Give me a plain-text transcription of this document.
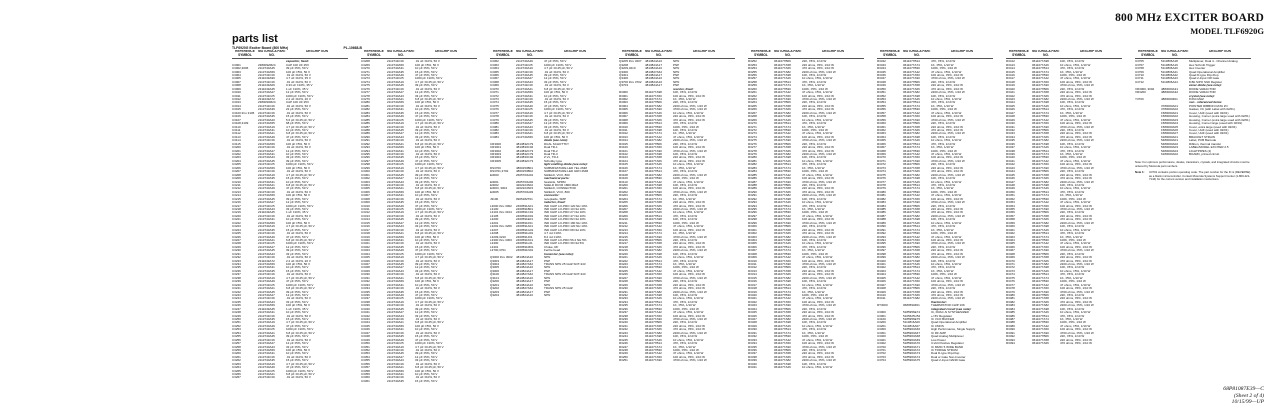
800 MHz EXCITER BOARD
MODEL TLF6920G
parts list
TLF6920G Exciter Board (800 MHz)	PL-10668-B
REFERENCE SYMBOL
MOTOROLA PART NO.
DESCRIPTION
capacitor, fixed:
C3001	2380092M24	CAP 100 UF 25V
C3002,3006	2113740A45	39 pF ±5%, 50 V
C3003	2113740A59	100 pF ±5%, 50 V
C3004	2113741F49	.01 uF ±10%, 50 V
C3005	2311049A99	4.7 uF ±10%, 35 V
C3007	2113741F49	.01 uF ±10%, 50 V
C3008	2311049A09	0.33 uF ±10%, 35 V
C3009	2311049A45	1 uF ±10%, 35 V
C3010	2113740A27	12 pF ±5%, 50 V
C3011	2113741F25	1000 pF ±10%, 50 V
C3012	2311049A72	2.2 uF ±10%, 20 V
C3013	2380090M24	CAP 100 UF 25V
C3014	2113741F49	.01 uF ±10%, 50 V
C3015	2113740A39	22 pF ±5%, 50 V
C3100 thru 3105	2113741F49	.01 uF ±10%, 50 V
C3106	2113740A35	15 pF ±5%, 50 V
C3107	2113740A20	5.6 pF ±0.25 pF, 50 V
C3108,3109	2113740A55	68 pF ±5%, 50 V
C3110	2113740A19	4.7 pF ±0.25 pF, 50 V
C3111	2113740A31	10 pF ±5%, 50 V
C3112	2113740A21	6.8 pF ±0.25 pF, 50 V
C3113	2113740A49	47 pF ±5%, 50 V
C3114	2113741F49	.01 uF ±10%, 50 V
C3115	2113740A59	100 pF ±5%, 50 V
C3200	2113741F49	.01 uF ±10%, 50 V
C3201	2113740A27	12 pF ±5%, 50 V
C3202	2113740A31	10 pF ±5%, 50 V
C3203	2113740A43	33 pF ±5%, 50 V
C3204	2113740A45	39 pF ±5%, 50 V
C3205	2113741F25	1000 pF ±10%, 50 V
C3206	2113740A59	100 pF ±5%, 50 V
C3207	2113741F49	.01 uF ±10%, 50 V
C3208	2113740A19	4.7 pF ±0.25 pF, 50 V
C3209	2113740A35	15 pF ±5%, 50 V
C3210	2113740A31	10 pF ±5%, 50 V
C3211	2113740A21	6.8 pF ±0.25 pF, 50 V
C3212	2113740A49	47 pF ±5%, 50 V
C3213	2113741F49	.01 uF ±10%, 50 V
C3214	2113740A59	100 pF ±5%, 50 V
C3215	2113740A45	39 pF ±5%, 50 V
C3216	2113740A27	12 pF ±5%, 50 V
C3217	2113741F25	1000 pF ±10%, 50 V
C3218	2113740A43	33 pF ±5%, 50 V
C3219	2311049A45	1 uF ±10%, 35 V
C3220	2113741F49	.01 uF ±10%, 50 V
C3221	2113740A31	10 pF ±5%, 50 V
C3222	2113740A59	100 pF ±5%, 50 V
C3223	2113740A19	4.7 pF ±0.25 pF, 50 V
C3224	2113740A35	15 pF ±5%, 50 V
C3225	2113741F49	.01 uF ±10%, 50 V
C3226	2113740A49	47 pF ±5%, 50 V
C3227	2113740A21	6.8 pF ±0.25 pF, 50 V
C3228	2113741F25	1000 pF ±10%, 50 V
C3229	2113740A27	12 pF ±5%, 50 V
C3230	2113740A45	39 pF ±5%, 50 V
C3231	2113740A43	33 pF ±5%, 50 V
C3232	2113741F49	.01 uF ±10%, 50 V
C3233	2311049A72	2.2 uF ±10%, 20 V
C3234	2113740A59	100 pF ±5%, 50 V
C3235	2113740A31	10 pF ±5%, 50 V
C3236	2113740A35	15 pF ±5%, 50 V
C3237	2113741F49	.01 uF ±10%, 50 V
C3238	2113740A19	4.7 pF ±0.25 pF, 50 V
C3239	2113740A49	47 pF ±5%, 50 V
C3240	2113741F25	1000 pF ±10%, 50 V
C3241	2113740A21	6.8 pF ±0.25 pF, 50 V
C3242	2113740A45	39 pF ±5%, 50 V
C3243	2113740A27	12 pF ±5%, 50 V
C3244	2113741F49	.01 uF ±10%, 50 V
C3245	2113740A43	33 pF ±5%, 50 V
C3246	2113740A59	100 pF ±5%, 50 V
C3247	2311049A45	1 uF ±10%, 35 V
C3248	2113740A31	10 pF ±5%, 50 V
C3249	2113741F49	.01 uF ±10%, 50 V
C3250	2113740A35	15 pF ±5%, 50 V
C3251	2113740A19	4.7 pF ±0.25 pF, 50 V
C3252	2113740A49	47 pF ±5%, 50 V
C3253	2113741F25	1000 pF ±10%, 50 V
C3254	2113740A21	6.8 pF ±0.25 pF, 50 V
C3255	2113740A45	39 pF ±5%, 50 V
C3256	2113741F49	.01 uF ±10%, 50 V
C3257	2113740A27	12 pF ±5%, 50 V
C3258	2113740A43	33 pF ±5%, 50 V
C3259	2113740A59	100 pF ±5%, 50 V
C3260	2113740A31	10 pF ±5%, 50 V
C3261	2113741F49	.01 uF ±10%, 50 V
C3262	2113740A35	15 pF ±5%, 50 V
C3263	2113740A19	4.7 pF ±0.25 pF, 50 V
C3264	2113740A49	47 pF ±5%, 50 V
C3265	2113741F25	1000 pF ±10%, 50 V
C3266	2113740A21	6.8 pF ±0.25 pF, 50 V
C3267	2113741F49	.01 uF ±10%, 50 V
REFERENCE SYMBOL
MOTOROLA PART NO.
DESCRIPTION
C3268	2113741F49	.01 uF ±10%, 50 V
C3269	2113740A59	100 pF ±5%, 50 V
C3270	2113740A31	10 pF ±5%, 50 V
C3271	2113740A35	15 pF ±5%, 50 V
C3272	2113740A49	47 pF ±5%, 50 V
C3273	2113741F25	1000 pF ±10%, 50 V
C3274	2113740A19	4.7 pF ±0.25 pF, 50 V
C3275	2113740A45	39 pF ±5%, 50 V
C3276	2113741F49	.01 uF ±10%, 50 V
C3277	2113740A27	12 pF ±5%, 50 V
C3278	2113740A43	33 pF ±5%, 50 V
C3279	2113740A21	6.8 pF ±0.25 pF, 50 V
C3280	2113740A59	100 pF ±5%, 50 V
C3281	2113741F49	.01 uF ±10%, 50 V
C3282	2113740A31	10 pF ±5%, 50 V
C3283	2113740A35	15 pF ±5%, 50 V
C3284	2113740A49	47 pF ±5%, 50 V
C3285	2113741F25	1000 pF ±10%, 50 V
C3286	2113740A19	4.7 pF ±0.25 pF, 50 V
C3287	2113741F49	.01 uF ±10%, 50 V
C3288	2113740A45	39 pF ±5%, 50 V
C3289	2113740A27	12 pF ±5%, 50 V
C3290	2113740A43	33 pF ±5%, 50 V
C3291	2113741F49	.01 uF ±10%, 50 V
C3292	2113740A21	6.8 pF ±0.25 pF, 50 V
C3293	2113740A59	100 pF ±5%, 50 V
C3294	2113740A31	10 pF ±5%, 50 V
C3295	2113741F49	.01 uF ±10%, 50 V
C3296	2113740A35	15 pF ±5%, 50 V
C3297	2113740A49	47 pF ±5%, 50 V
C3298	2113741F25	1000 pF ±10%, 50 V
C3299	2113740A19	4.7 pF ±0.25 pF, 50 V
C3300	2113741F49	.01 uF ±10%, 50 V
C3301	2113740A45	39 pF ±5%, 50 V
C3302	2113740A27	12 pF ±5%, 50 V
C3303	2113740A43	33 pF ±5%, 50 V
C3304	2113741F49	.01 uF ±10%, 50 V
C3305	2113740A21	6.8 pF ±0.25 pF, 50 V
C3306	2113740A59	100 pF ±5%, 50 V
C3307	2113740A31	10 pF ±5%, 50 V
C3308	2113741F49	.01 uF ±10%, 50 V
C3309	2113740A35	15 pF ±5%, 50 V
C3310	2113740A49	47 pF ±5%, 50 V
C3311	2113741F25	1000 pF ±10%, 50 V
C3312	2113740A19	4.7 pF ±0.25 pF, 50 V
C3313	2113741F49	.01 uF ±10%, 50 V
C3314	2113740A45	39 pF ±5%, 50 V
C3315	2113740A27	12 pF ±5%, 50 V
C3316	2113740A43	33 pF ±5%, 50 V
C3317	2113741F49	.01 uF ±10%, 50 V
C3318	2113740A21	6.8 pF ±0.25 pF, 50 V
C3319	2113740A59	100 pF ±5%, 50 V
C3320	2113740A31	10 pF ±5%, 50 V
C3321	2113741F49	.01 uF ±10%, 50 V
C3322	2113740A35	15 pF ±5%, 50 V
C3323	2113740A49	47 pF ±5%, 50 V
C3324	2113741F25	1000 pF ±10%, 50 V
C3325	2113740A19	4.7 pF ±0.25 pF, 50 V
C3326	2113741F49	.01 uF ±10%, 50 V
C3327	2113740A45	39 pF ±5%, 50 V
C3328	2113740A27	12 pF ±5%, 50 V
C3329	2113740A43	33 pF ±5%, 50 V
C3330	2113741F49	.01 uF ±10%, 50 V
C3331	2113740A21	6.8 pF ±0.25 pF, 50 V
C3332	2113740A59	100 pF ±5%, 50 V
C3333	2113740A31	10 pF ±5%, 50 V
C3334	2113741F49	.01 uF ±10%, 50 V
C3335	2113740A35	15 pF ±5%, 50 V
C3336	2113740A49	47 pF ±5%, 50 V
C3337	2113741F25	1000 pF ±10%, 50 V
C3338	2113740A19	4.7 pF ±0.25 pF, 50 V
C3339	2113741F49	.01 uF ±10%, 50 V
C3340	2113740A45	39 pF ±5%, 50 V
C3341	2113740A27	12 pF ±5%, 50 V
C3342	2113740A43	33 pF ±5%, 50 V
C3343	2113741F49	.01 uF ±10%, 50 V
C3344	2113740A21	6.8 pF ±0.25 pF, 50 V
C3345	2113740A59	100 pF ±5%, 50 V
C3346	2113740A31	10 pF ±5%, 50 V
C3347	2113741F49	.01 uF ±10%, 50 V
C3348	2113740A35	15 pF ±5%, 50 V
C3349	2113740A49	47 pF ±5%, 50 V
C3350	2113741F25	1000 pF ±10%, 50 V
C3351	2113740A19	4.7 pF ±0.25 pF, 50 V
C3352	2113741F49	.01 uF ±10%, 50 V
C3353	2113740A45	39 pF ±5%, 50 V
C3354	2113740A27	12 pF ±5%, 50 V
C3355	2113740A43	33 pF ±5%, 50 V
C3356	2113741F49	.01 uF ±10%, 50 V
C3357	2113740A21	6.8 pF ±0.25 pF, 50 V
C3358	2113740A59	100 pF ±5%, 50 V
C3359	2113740A31	10 pF ±5%, 50 V
C3360	2113741F49	.01 uF ±10%, 50 V
C3361	2113740A35	15 pF ±5%, 50 V
REFERENCE SYMBOL
MOTOROLA PART NO.
DESCRIPTION
C3362	2113740A49	47 pF ±5%, 50 V
C3363	2113741F25	1000 pF ±10%, 50 V
C3364	2113740A19	4.7 pF ±0.25 pF, 50 V
C3365	2113741F49	.01 uF ±10%, 50 V
C3366	2113740A45	39 pF ±5%, 50 V
C3367	2113740A27	12 pF ±5%, 50 V
C3368	2113740A43	33 pF ±5%, 50 V
C3369	2113741F49	.01 uF ±10%, 50 V
C3370	2113740A21	6.8 pF ±0.25 pF, 50 V
C3371	2113740A59	100 pF ±5%, 50 V
C3372	2113740A31	10 pF ±5%, 50 V
C3373	2113741F49	.01 uF ±10%, 50 V
C3374	2113740A35	15 pF ±5%, 50 V
C3375	2113740A49	47 pF ±5%, 50 V
C3376	2113741F25	1000 pF ±10%, 50 V
C3377	2113740A19	4.7 pF ±0.25 pF, 50 V
C3378	2113741F49	.01 uF ±10%, 50 V
C3379	2113740A45	39 pF ±5%, 50 V
C3380	2113740A27	12 pF ±5%, 50 V
C3381	2113740A43	33 pF ±5%, 50 V
C3382	2113741F49	.01 uF ±10%, 50 V
C3383	2113740A21	6.8 pF ±0.25 pF, 50 V
C3384	2113740A59	100 pF ±5%, 50 V
diode (see note):
CR3000	4813832C79	DUAL SCHOTTKY
CR3001	4813833C02	Dual TR-1
CR3002	4813832C73	Dual TR-2
CR3003	4813832C79	Dual TR-3
CR3004	4813833C02	Z.Vx, TR-4
CR3005	4813832C73	Schottky type
light emitting diode (see note):
DS3700	4860153B01	SUBMINIATURE LED YEL 2MM
DS3701,3702	4860153B02	SUBMINIATURE LED GRN 2MM
E3000	2605703H01	SHIELD, VCO, 800
mechanical parts:
E3001	2605703H02	heatsink, SPRM
E3002	4202224S02	SHELD RCVR 1800 MHZ
E3003, 3004	4202224S03	SHIELD, CONNECTOR
E3005	2605703H03	SHIELD, VCO, 800
connector:
J3100	0905182T01	receptacle, SMP
inductor, fixed:
L3000 thru 3002	2460591A01	IND CHIP LO-PRO 120 NH 10%
L3100	2460591B01	IND CHIP LO-PRO 10 NH 10%
L3101 thru 3104	2460591C01	IND CHIP LO-PRO 27 NH 10%
L3105	2460591D01	IND CHIP LO-PRO 47 NH 10%
L3200	2460591E01	IND CHIP LO-PRO 82 NH 10%
L3201	2460591F01	IND CHIP LO-PRO 180 NH 10%
L3202 thru 3206	2460591A01	IND CHIP LO-PRO 120 NH 10%
L3207	2460591G01	IND CHIP LO-PRO 68 NH 10%
L3208	2460591H01	4.7 nH ±10%
L3209,3210	2460591J01	8.2 nH ±10%
L3300 thru 3303	2460591K01	IND CHIP LO-PRO 56.2 NH 5%
L3400	2460591L01	IND CHIP LO-PRO 39 NH 5%
L3401	2460591M01	Choke, RF
L3700,3701	2460591N01	Ferrite bead
transistor (see note):
Q3000 thru 3002	4813824A10	NPN
Q3003	4813824A17	PNP
Q3004	4813827A62	TRANS NPN 25 GHZ SOT-343
Q3005	4813824A10	NPN
Q3006	4813824A17	PNP
Q3100	4813827A62	TRANS NPN 25 GHZ SOT-343
Q3101	4813824A10	NPN
Q3200	4813824A17	PNP
Q3201	4813824A10	NPN
Q3202	4813827A62	TRANS NPN 25 GHZ
Q3203	4813824A17	PNP
Q3204	4813824A10	NPN
REFERENCE SYMBOL
MOTOROLA PART NO.
DESCRIPTION
Q3205 thru 3207	4813824A10	NPN
Q3208	4813824A17	PNP
Q3209,3210	4813824A10	NPN
Q3300	4813827A62	NPN
Q3301	4813824A17	PNP
Q3400	4813824A10	NPN
Q3700 thru 3702	4813824A10	NPN
Q3703	4813824A17	PNP
resistor, fixed:
R3000	0611077A98	10K, ±5%, 1/10 W
R3001	0611077A50	100 ohms, ±5%, 1/10 W
R3002	0611077A74	1K, ±5%, 1/10 W
R3003	0611077B06	22K, ±5%, 1/10 W
R3004	0611077A82	2200 ohms, ±5%, 1/10 W
R3005	0611077A90	4700 ohms, ±5%, 1/10 W
R3006	0611077A26	10 ohms, ±5%, 1/10 W
R3007	0611077A58	220 ohms, ±5%, 1/10 W
R3008	0611077A66	470 ohms, ±5%, 1/10 W
R3009	0611077B14	47K, ±5%, 1/10 W
R3010	0611077B30	100K, ±5%, 1/10 W
R3011	0611077A98	10K, ±5%, 1/10 W
R3012	0611077A74	1K, ±5%, 1/10 W
R3013	0611077A42	47 ohms, ±5%, 1/10 W
R3014	0611077A82	2200 ohms, ±5%, 1/10 W
R3015	0611077B06	22K, ±5%, 1/10 W
R3100	0611077A50	100 ohms, ±5%, 1/10 W
R3101	0611077A90	4700 ohms, ±5%, 1/10 W
R3102	0611077A98	10K, ±5%, 1/10 W
R3103	0611077A58	220 ohms, ±5%, 1/10 W
R3104	0611077A66	470 ohms, ±5%, 1/10 W
R3105	0611077A26	10 ohms, ±5%, 1/10 W
R3106	0611077A74	1K, ±5%, 1/10 W
R3107	0611077B14	47K, ±5%, 1/10 W
R3108	0611077A82	2200 ohms, ±5%, 1/10 W
R3109	0611077B30	100K, ±5%, 1/10 W
R3110	0611077A42	47 ohms, ±5%, 1/10 W
R3200	0611077A98	10K, ±5%, 1/10 W
R3201	0611077A50	100 ohms, ±5%, 1/10 W
R3202	0611077A90	4700 ohms, ±5%, 1/10 W
R3203	0611077B06	22K, ±5%, 1/10 W
R3204	0611077A74	1K, ±5%, 1/10 W
R3205	0611077A58	220 ohms, ±5%, 1/10 W
R3206	0611077A66	470 ohms, ±5%, 1/10 W
R3207	0611077A82	2200 ohms, ±5%, 1/10 W
R3208	0611077A26	10 ohms, ±5%, 1/10 W
R3209	0611077B14	47K, ±5%, 1/10 W
R3210	0611077A98	10K, ±5%, 1/10 W
R3211	0611077B30	100K, ±5%, 1/10 W
R3212	0611077A42	47 ohms, ±5%, 1/10 W
R3213	0611077A50	100 ohms, ±5%, 1/10 W
R3214	0611077A74	1K, ±5%, 1/10 W
R3215	0611077A90	4700 ohms, ±5%, 1/10 W
R3216	0611077B06	22K, ±5%, 1/10 W
R3217	0611077A58	220 ohms, ±5%, 1/10 W
R3218	0611077A66	470 ohms, ±5%, 1/10 W
R3219	0611077A82	2200 ohms, ±5%, 1/10 W
R3220	0611077A98	10K, ±5%, 1/10 W
R3221	0611077A26	10 ohms, ±5%, 1/10 W
R3222	0611077B14	47K, ±5%, 1/10 W
R3223	0611077A74	1K, ±5%, 1/10 W
R3224	0611077B30	100K, ±5%, 1/10 W
R3225	0611077A42	47 ohms, ±5%, 1/10 W
R3226	0611077A50	100 ohms, ±5%, 1/10 W
R3227	0611077A90	4700 ohms, ±5%, 1/10 W
R3228	0611077B06	22K, ±5%, 1/10 W
R3229	0611077A58	220 ohms, ±5%, 1/10 W
R3230	0611077A66	470 ohms, ±5%, 1/10 W
R3231	0611077A82	2200 ohms, ±5%, 1/10 W
R3232	0611077A98	10K, ±5%, 1/10 W
R3233	0611077A26	10 ohms, ±5%, 1/10 W
R3234	0611077B14	47K, ±5%, 1/10 W
R3235	0611077A74	1K, ±5%, 1/10 W
R3236	0611077B30	100K, ±5%, 1/10 W
R3237	0611077A42	47 ohms, ±5%, 1/10 W
R3238	0611077A50	100 ohms, ±5%, 1/10 W
R3239	0611077A90	4700 ohms, ±5%, 1/10 W
R3240	0611077B06	22K, ±5%, 1/10 W
R3241	0611077A58	220 ohms, ±5%, 1/10 W
R3242	0611077A66	470 ohms, ±5%, 1/10 W
R3243	0611077A82	2200 ohms, ±5%, 1/10 W
R3244	0611077A98	10K, ±5%, 1/10 W
R3245	0611077A26	10 ohms, ±5%, 1/10 W
R3246	0611077B14	47K, ±5%, 1/10 W
R3247	0611077A74	1K, ±5%, 1/10 W
R3248	0611077B30	100K, ±5%, 1/10 W
R3249	0611077A42	47 ohms, ±5%, 1/10 W
R3250	0611077A50	100 ohms, ±5%, 1/10 W
R3251	0611077A90	4700 ohms, ±5%, 1/10 W
REFERENCE SYMBOL
MOTOROLA PART NO.
DESCRIPTION
R3252	0611077B06	22K, ±5%, 1/10 W
R3253	0611077A58	220 ohms, ±5%, 1/10 W
R3254	0611077A66	470 ohms, ±5%, 1/10 W
R3255	0611077A82	2200 ohms, ±5%, 1/10 W
R3256	0611077A98	10K, ±5%, 1/10 W
R3257	0611077A26	10 ohms, ±5%, 1/10 W
R3258	0611077B14	47K, ±5%, 1/10 W
R3259	0611077A74	1K, ±5%, 1/10 W
R3260	0611077B30	100K, ±5%, 1/10 W
R3261	0611077A42	47 ohms, ±5%, 1/10 W
R3262	0611077A50	100 ohms, ±5%, 1/10 W
R3263	0611077A90	4700 ohms, ±5%, 1/10 W
R3264	0611077B06	22K, ±5%, 1/10 W
R3265	0611077A58	220 ohms, ±5%, 1/10 W
R3266	0611077A66	470 ohms, ±5%, 1/10 W
R3267	0611077A82	2200 ohms, ±5%, 1/10 W
R3268	0611077A98	10K, ±5%, 1/10 W
R3269	0611077A26	10 ohms, ±5%, 1/10 W
R3270	0611077B14	47K, ±5%, 1/10 W
R3271	0611077A74	1K, ±5%, 1/10 W
R3272	0611077B30	100K, ±5%, 1/10 W
R3273	0611077A42	47 ohms, ±5%, 1/10 W
R3274	0611077A50	100 ohms, ±5%, 1/10 W
R3275	0611077A90	4700 ohms, ±5%, 1/10 W
R3276	0611077B06	22K, ±5%, 1/10 W
R3277	0611077A58	220 ohms, ±5%, 1/10 W
R3278	0611077A66	470 ohms, ±5%, 1/10 W
R3279	0611077A82	2200 ohms, ±5%, 1/10 W
R3280	0611077A98	10K, ±5%, 1/10 W
R3281	0611077A26	10 ohms, ±5%, 1/10 W
R3282	0611077B14	47K, ±5%, 1/10 W
R3283	0611077A74	1K, ±5%, 1/10 W
R3284	0611077B30	100K, ±5%, 1/10 W
R3285	0611077A42	47 ohms, ±5%, 1/10 W
R3286	0611077A50	100 ohms, ±5%, 1/10 W
R3287	0611077A90	4700 ohms, ±5%, 1/10 W
R3288	0611077B06	22K, ±5%, 1/10 W
R3289	0611077A58	220 ohms, ±5%, 1/10 W
R3290	0611077A66	470 ohms, ±5%, 1/10 W
R3291	0611077A82	2200 ohms, ±5%, 1/10 W
R3292	0611077A98	10K, ±5%, 1/10 W
R3293	0611077A26	10 ohms, ±5%, 1/10 W
R3294	0611077B14	47K, ±5%, 1/10 W
R3295	0611077A74	1K, ±5%, 1/10 W
R3296	0611077B30	100K, ±5%, 1/10 W
R3297	0611077A42	47 ohms, ±5%, 1/10 W
R3298	0611077A50	100 ohms, ±5%, 1/10 W
R3299	0611077A90	4700 ohms, ±5%, 1/10 W
R3300	0611077B06	22K, ±5%, 1/10 W
R3301	0611077A58	220 ohms, ±5%, 1/10 W
R3302	0611077A66	470 ohms, ±5%, 1/10 W
R3303	0611077A82	2200 ohms, ±5%, 1/10 W
R3304	0611077A98	10K, ±5%, 1/10 W
R3305	0611077A26	10 ohms, ±5%, 1/10 W
R3306	0611077B14	47K, ±5%, 1/10 W
R3307	0611077A74	1K, ±5%, 1/10 W
R3308	0611077B30	100K, ±5%, 1/10 W
R3309	0611077A42	47 ohms, ±5%, 1/10 W
R3310	0611077A50	100 ohms, ±5%, 1/10 W
R3311	0611077A90	4700 ohms, ±5%, 1/10 W
R3312	0611077B06	22K, ±5%, 1/10 W
R3313	0611077A58	220 ohms, ±5%, 1/10 W
R3314	0611077A66	470 ohms, ±5%, 1/10 W
R3315	0611077A82	2200 ohms, ±5%, 1/10 W
R3316	0611077A98	10K, ±5%, 1/10 W
R3317	0611077A26	10 ohms, ±5%, 1/10 W
R3318	0611077B14	47K, ±5%, 1/10 W
R3319	0611077A74	1K, ±5%, 1/10 W
R3320	0611077B30	100K, ±5%, 1/10 W
R3321	0611077A42	47 ohms, ±5%, 1/10 W
R3322	0611077A50	100 ohms, ±5%, 1/10 W
R3323	0611077A90	4700 ohms, ±5%, 1/10 W
R3324	0611077B06	22K, ±5%, 1/10 W
R3325	0611077A58	220 ohms, ±5%, 1/10 W
R3326	0611077A66	470 ohms, ±5%, 1/10 W
R3327	0611077A82	2200 ohms, ±5%, 1/10 W
R3328	0611077A98	10K, ±5%, 1/10 W
R3329	0611077A26	10 ohms, ±5%, 1/10 W
R3330	0611077B14	47K, ±5%, 1/10 W
R3331	0611077A74	1K, ±5%, 1/10 W
R3332	0611077B30	100K, ±5%, 1/10 W
R3333	0611077A42	47 ohms, ±5%, 1/10 W
R3334	0611077A50	100 ohms, ±5%, 1/10 W
R3335	0611077A90	4700 ohms, ±5%, 1/10 W
R3336	0611077B06	22K, ±5%, 1/10 W
R3337	0611077A58	220 ohms, ±5%, 1/10 W
R3338	0611077A66	470 ohms, ±5%, 1/10 W
R3339	0611077A82	2200 ohms, ±5%, 1/10 W
R3340	0611077A98	10K, ±5%, 1/10 W
R3341	0611077A26	10 ohms, ±5%, 1/10 W
REFERENCE SYMBOL
MOTOROLA PART NO.
DESCRIPTION
R3342	0611077B14	47K, ±5%, 1/10 W
R3343	0611077A74	1K, ±5%, 1/10 W
R3344	0611077B30	100K, ±5%, 1/10 W
R3345	0611077A42	47 ohms, ±5%, 1/10 W
R3346	0611077A50	100 ohms, ±5%, 1/10 W
R3347	0611077A90	4700 ohms, ±5%, 1/10 W
R3348	0611077B06	22K, ±5%, 1/10 W
R3349	0611077A58	220 ohms, ±5%, 1/10 W
R3350	0611077A66	470 ohms, ±5%, 1/10 W
R3351	0611077A82	2200 ohms, ±5%, 1/10 W
R3352	0611077A98	10K, ±5%, 1/10 W
R3353	0611077A26	10 ohms, ±5%, 1/10 W
R3354	0611077B14	47K, ±5%, 1/10 W
R3355	0611077A74	1K, ±5%, 1/10 W
R3356	0611077B30	100K, ±5%, 1/10 W
R3357	0611077A42	47 ohms, ±5%, 1/10 W
R3358	0611077A50	100 ohms, ±5%, 1/10 W
R3359	0611077A90	4700 ohms, ±5%, 1/10 W
R3360	0611077B06	22K, ±5%, 1/10 W
R3361	0611077A58	220 ohms, ±5%, 1/10 W
R3362	0611077A66	470 ohms, ±5%, 1/10 W
R3363	0611077A82	2200 ohms, ±5%, 1/10 W
R3364	0611077A98	10K, ±5%, 1/10 W
R3365	0611077A26	10 ohms, ±5%, 1/10 W
R3366	0611077B14	47K, ±5%, 1/10 W
R3367	0611077A74	1K, ±5%, 1/10 W
R3368	0611077B30	100K, ±5%, 1/10 W
R3369	0611077A42	47 ohms, ±5%, 1/10 W
R3370	0611077A50	100 ohms, ±5%, 1/10 W
R3371	0611077A90	4700 ohms, ±5%, 1/10 W
R3372	0611077B06	22K, ±5%, 1/10 W
R3373	0611077A58	220 ohms, ±5%, 1/10 W
R3374	0611077A66	470 ohms, ±5%, 1/10 W
R3375	0611077A82	2200 ohms, ±5%, 1/10 W
R3376	0611077A98	10K, ±5%, 1/10 W
R3377	0611077A26	10 ohms, ±5%, 1/10 W
R3378	0611077B14	47K, ±5%, 1/10 W
R3379	0611077A74	1K, ±5%, 1/10 W
R3380	0611077B30	100K, ±5%, 1/10 W
R3381	0611077A42	47 ohms, ±5%, 1/10 W
R3382	0611077A50	100 ohms, ±5%, 1/10 W
R3383	0611077A90	4700 ohms, ±5%, 1/10 W
R3384	0611077B06	22K, ±5%, 1/10 W
R3385	0611077A58	220 ohms, ±5%, 1/10 W
R3386	0611077A66	470 ohms, ±5%, 1/10 W
R3387	0611077A82	2200 ohms, ±5%, 1/10 W
R3388	0611077A98	10K, ±5%, 1/10 W
R3389	0611077A26	10 ohms, ±5%, 1/10 W
R3390	0611077B14	47K, ±5%, 1/10 W
R3391	0611077A74	1K, ±5%, 1/10 W
R3392	0611077B30	100K, ±5%, 1/10 W
R3393	0611077A42	47 ohms, ±5%, 1/10 W
R3394	0611077A50	100 ohms, ±5%, 1/10 W
R3395	0611077A90	4700 ohms, ±5%, 1/10 W
R3396	0611077B06	22K, ±5%, 1/10 W
R3397	0611077A58	220 ohms, ±5%, 1/10 W
R3398	0611077A66	470 ohms, ±5%, 1/10 W
R3399	0611077A82	2200 ohms, ±5%, 1/10 W
R3400	0611077A98	10K, ±5%, 1/10 W
R3401	0611077A26	10 ohms, ±5%, 1/10 W
R3402	0611077B14	47K, ±5%, 1/10 W
R3403	0611077A74	1K, ±5%, 1/10 W
R3404	0611077B30	100K, ±5%, 1/10 W
R3405	0611077A42	47 ohms, ±5%, 1/10 W
R3406	0611077A50	100 ohms, ±5%, 1/10 W
R3407	0611077A90	4700 ohms, ±5%, 1/10 W
R3408	0611077B06	22K, ±5%, 1/10 W
R3409	0611077A58	220 ohms, ±5%, 1/10 W
R3410	0611077A66	470 ohms, ±5%, 1/10 W
R3411	0611077A82	2200 ohms, ±5%, 1/10 W
thermistor:
RT3000	0680590Z01	THERMISTOR CHIP 10K
integrated circuit (see note):
U3000	5185956E74	IC, FRAC-N SYNTHESIZER
U3001	5105625U54	+/-5V Regulator
U3100	5185956E75	IC VCO BUFFER
U3200	5113816A09	Quad Operational Amplifier
U3201	5113816A07	IC CMOS
U3300	5185963A66	High Performance, Single Supply
U3301	5185963A67	IC RF AMP
U3400	5185963A68	Quad Analog Multiplexer
U3401	5185963A69	Low Power
U3402	5185963A70	3-Volt Positive Regulator
U3700	5185963A71	IC MMIC 5 WIDE BAND
U3701	5185963A72	IC TRIDGE STRUM
U3702	5185963A73	Dual D-type Flip-Flop
U3703	5185963A74	Dual or Gate Non-Inverter
U3704	5185963A75	Quad 2-Input NAND Gate
REFERENCE SYMBOL
MOTOROLA PART NO.
DESCRIPTION
R3412	0611077A98	10K, ±5%, 1/10 W
R3413	0611077A26	10 ohms, ±5%, 1/10 W
R3414	0611077B14	47K, ±5%, 1/10 W
R3415	0611077A74	1K, ±5%, 1/10 W
R3416	0611077B30	100K, ±5%, 1/10 W
R3417	0611077A42	47 ohms, ±5%, 1/10 W
R3418	0611077A50	100 ohms, ±5%, 1/10 W
R3419	0611077A90	4700 ohms, ±5%, 1/10 W
R3420	0611077B06	22K, ±5%, 1/10 W
R3421	0611077A58	220 ohms, ±5%, 1/10 W
R3422	0611077A66	470 ohms, ±5%, 1/10 W
R3423	0611077A82	2200 ohms, ±5%, 1/10 W
R3424	0611077A98	10K, ±5%, 1/10 W
R3425	0611077A26	10 ohms, ±5%, 1/10 W
R3426	0611077B14	47K, ±5%, 1/10 W
R3427	0611077A74	1K, ±5%, 1/10 W
R3428	0611077B30	100K, ±5%, 1/10 W
R3429	0611077A42	47 ohms, ±5%, 1/10 W
R3430	0611077A50	100 ohms, ±5%, 1/10 W
R3431	0611077A90	4700 ohms, ±5%, 1/10 W
R3432	0611077B06	22K, ±5%, 1/10 W
R3433	0611077A58	220 ohms, ±5%, 1/10 W
R3434	0611077A66	470 ohms, ±5%, 1/10 W
R3435	0611077A82	2200 ohms, ±5%, 1/10 W
R3436	0611077A98	10K, ±5%, 1/10 W
R3437	0611077A26	10 ohms, ±5%, 1/10 W
R3438	0611077B14	47K, ±5%, 1/10 W
R3439	0611077A74	1K, ±5%, 1/10 W
R3440	0611077B30	100K, ±5%, 1/10 W
R3441	0611077A42	47 ohms, ±5%, 1/10 W
R3442	0611077A50	100 ohms, ±5%, 1/10 W
R3443	0611077A90	4700 ohms, ±5%, 1/10 W
R3444	0611077B06	22K, ±5%, 1/10 W
R3445	0611077A58	220 ohms, ±5%, 1/10 W
R3446	0611077A66	470 ohms, ±5%, 1/10 W
R3447	0611077A82	2200 ohms, ±5%, 1/10 W
R3448	0611077A98	10K, ±5%, 1/10 W
R3449	0611077A26	10 ohms, ±5%, 1/10 W
R3450	0611077B14	47K, ±5%, 1/10 W
R3451	0611077A74	1K, ±5%, 1/10 W
R3452	0611077B30	100K, ±5%, 1/10 W
R3453	0611077A42	47 ohms, ±5%, 1/10 W
R3454	0611077A50	100 ohms, ±5%, 1/10 W
R3455	0611077A90	4700 ohms, ±5%, 1/10 W
R3456	0611077B06	22K, ±5%, 1/10 W
R3457	0611077A58	220 ohms, ±5%, 1/10 W
R3458	0611077A66	470 ohms, ±5%, 1/10 W
R3459	0611077A82	2200 ohms, ±5%, 1/10 W
R3460	0611077A98	10K, ±5%, 1/10 W
R3461	0611077A26	10 ohms, ±5%, 1/10 W
R3462	0611077B14	47K, ±5%, 1/10 W
R3463	0611077A74	1K, ±5%, 1/10 W
R3464	0611077B30	100K, ±5%, 1/10 W
R3465	0611077A42	47 ohms, ±5%, 1/10 W
R3466	0611077A50	100 ohms, ±5%, 1/10 W
R3467	0611077A90	4700 ohms, ±5%, 1/10 W
R3468	0611077B06	22K, ±5%, 1/10 W
R3469	0611077A58	220 ohms, ±5%, 1/10 W
R3470	0611077A66	470 ohms, ±5%, 1/10 W
R3471	0611077A82	2200 ohms, ±5%, 1/10 W
R3472	0611077A98	10K, ±5%, 1/10 W
R3473	0611077A26	10 ohms, ±5%, 1/10 W
R3474	0611077B14	47K, ±5%, 1/10 W
R3475	0611077A74	1K, ±5%, 1/10 W
R3476	0611077B30	100K, ±5%, 1/10 W
R3477	0611077A42	47 ohms, ±5%, 1/10 W
R3478	0611077A50	100 ohms, ±5%, 1/10 W
R3479	0611077A90	4700 ohms, ±5%, 1/10 W
R3480	0611077B06	22K, ±5%, 1/10 W
R3481	0611077A58	220 ohms, ±5%, 1/10 W
R3482	0611077A66	470 ohms, ±5%, 1/10 W
R3483	0611077A82	2200 ohms, ±5%, 1/10 W
R3484	0611077A98	10K, ±5%, 1/10 W
R3485	0611077A26	10 ohms, ±5%, 1/10 W
R3486	0611077B14	47K, ±5%, 1/10 W
R3487	0611077A74	1K, ±5%, 1/10 W
R3488	0611077B30	100K, ±5%, 1/10 W
R3489	0611077A42	47 ohms, ±5%, 1/10 W
R3490	0611077A50	100 ohms, ±5%, 1/10 W
R3491	0611077A90	4700 ohms, ±5%, 1/10 W
R3492	0611077B06	22K, ±5%, 1/10 W
R3493	0611077A58	220 ohms, ±5%, 1/10 W
R3494	0611077A66	470 ohms, ±5%, 1/10 W
REFERENCE SYMBOL
MOTOROLA PART NO.
DESCRIPTION
U3705	5113806A18	Multiplexer, Dual 4 - Channel Analog
U3707	5113806A19	Hex Schmitt Trigger
U3708	5113806A20	Hex Inverter
U3709	5113806A21	Quad Operational Amplifier
U3710	5113806A22	Quad D-type Flip-Flop
U3711	5113806A23	Quad 2-Input OR Gate
U3712	5113806A24	8-Bit SIPO Shift Register
zener diode (see note):
VR3000, 3002	4883000A31	DIODE VARACTOR
VR3200	4883000A32	DIODE VARACTOR
crystal (see note):
Y3700	4883000Z01	8.064 MHZ
non - referenced items:
3780000A01	POINTER RIBBON DATA I/O
3780000A02	Gasket, I/C (with Label with 02/01)
1580000A01	Cover, UHF (used with 02/01)
1580000A02	Housing, Corner (extra large used with 02/01)
1580000A03	Housing, Corner (extra large used with 02/01)
1580000A04	Housing, Corner large (used with 02/01)
1580000A05	Cover, extra large (used with 02/01)
1580000A06	Cover, UHF (used with 02/01)
1580000A07	Cover, UHF (used with 02/01)
6180000A01	BRACKET STRAIN
5480000A01	Label, PCB Barcode
5480000A02	Ribbon, thermal transfer
5480000A03	LABEL/MODEL EXCITER 2.5
5480000A04	LIGHTPIPES (4)
6180000A02	BOARD, printed circuit
Note: For optimum performance, diodes, transistors, crystals, and integrated circuits must be ordered by Motorola part numbers.
Note 1:	U3701 contains portion operating code. The part number for the IC is (REVERSE) as a blank microcontroller. Contact Motorola Systems Support Center (1-800-221-7144) for the current version and installation instructions.
68P81087E39—C
(Sheet 2 of 4)
10/15/99—UP
